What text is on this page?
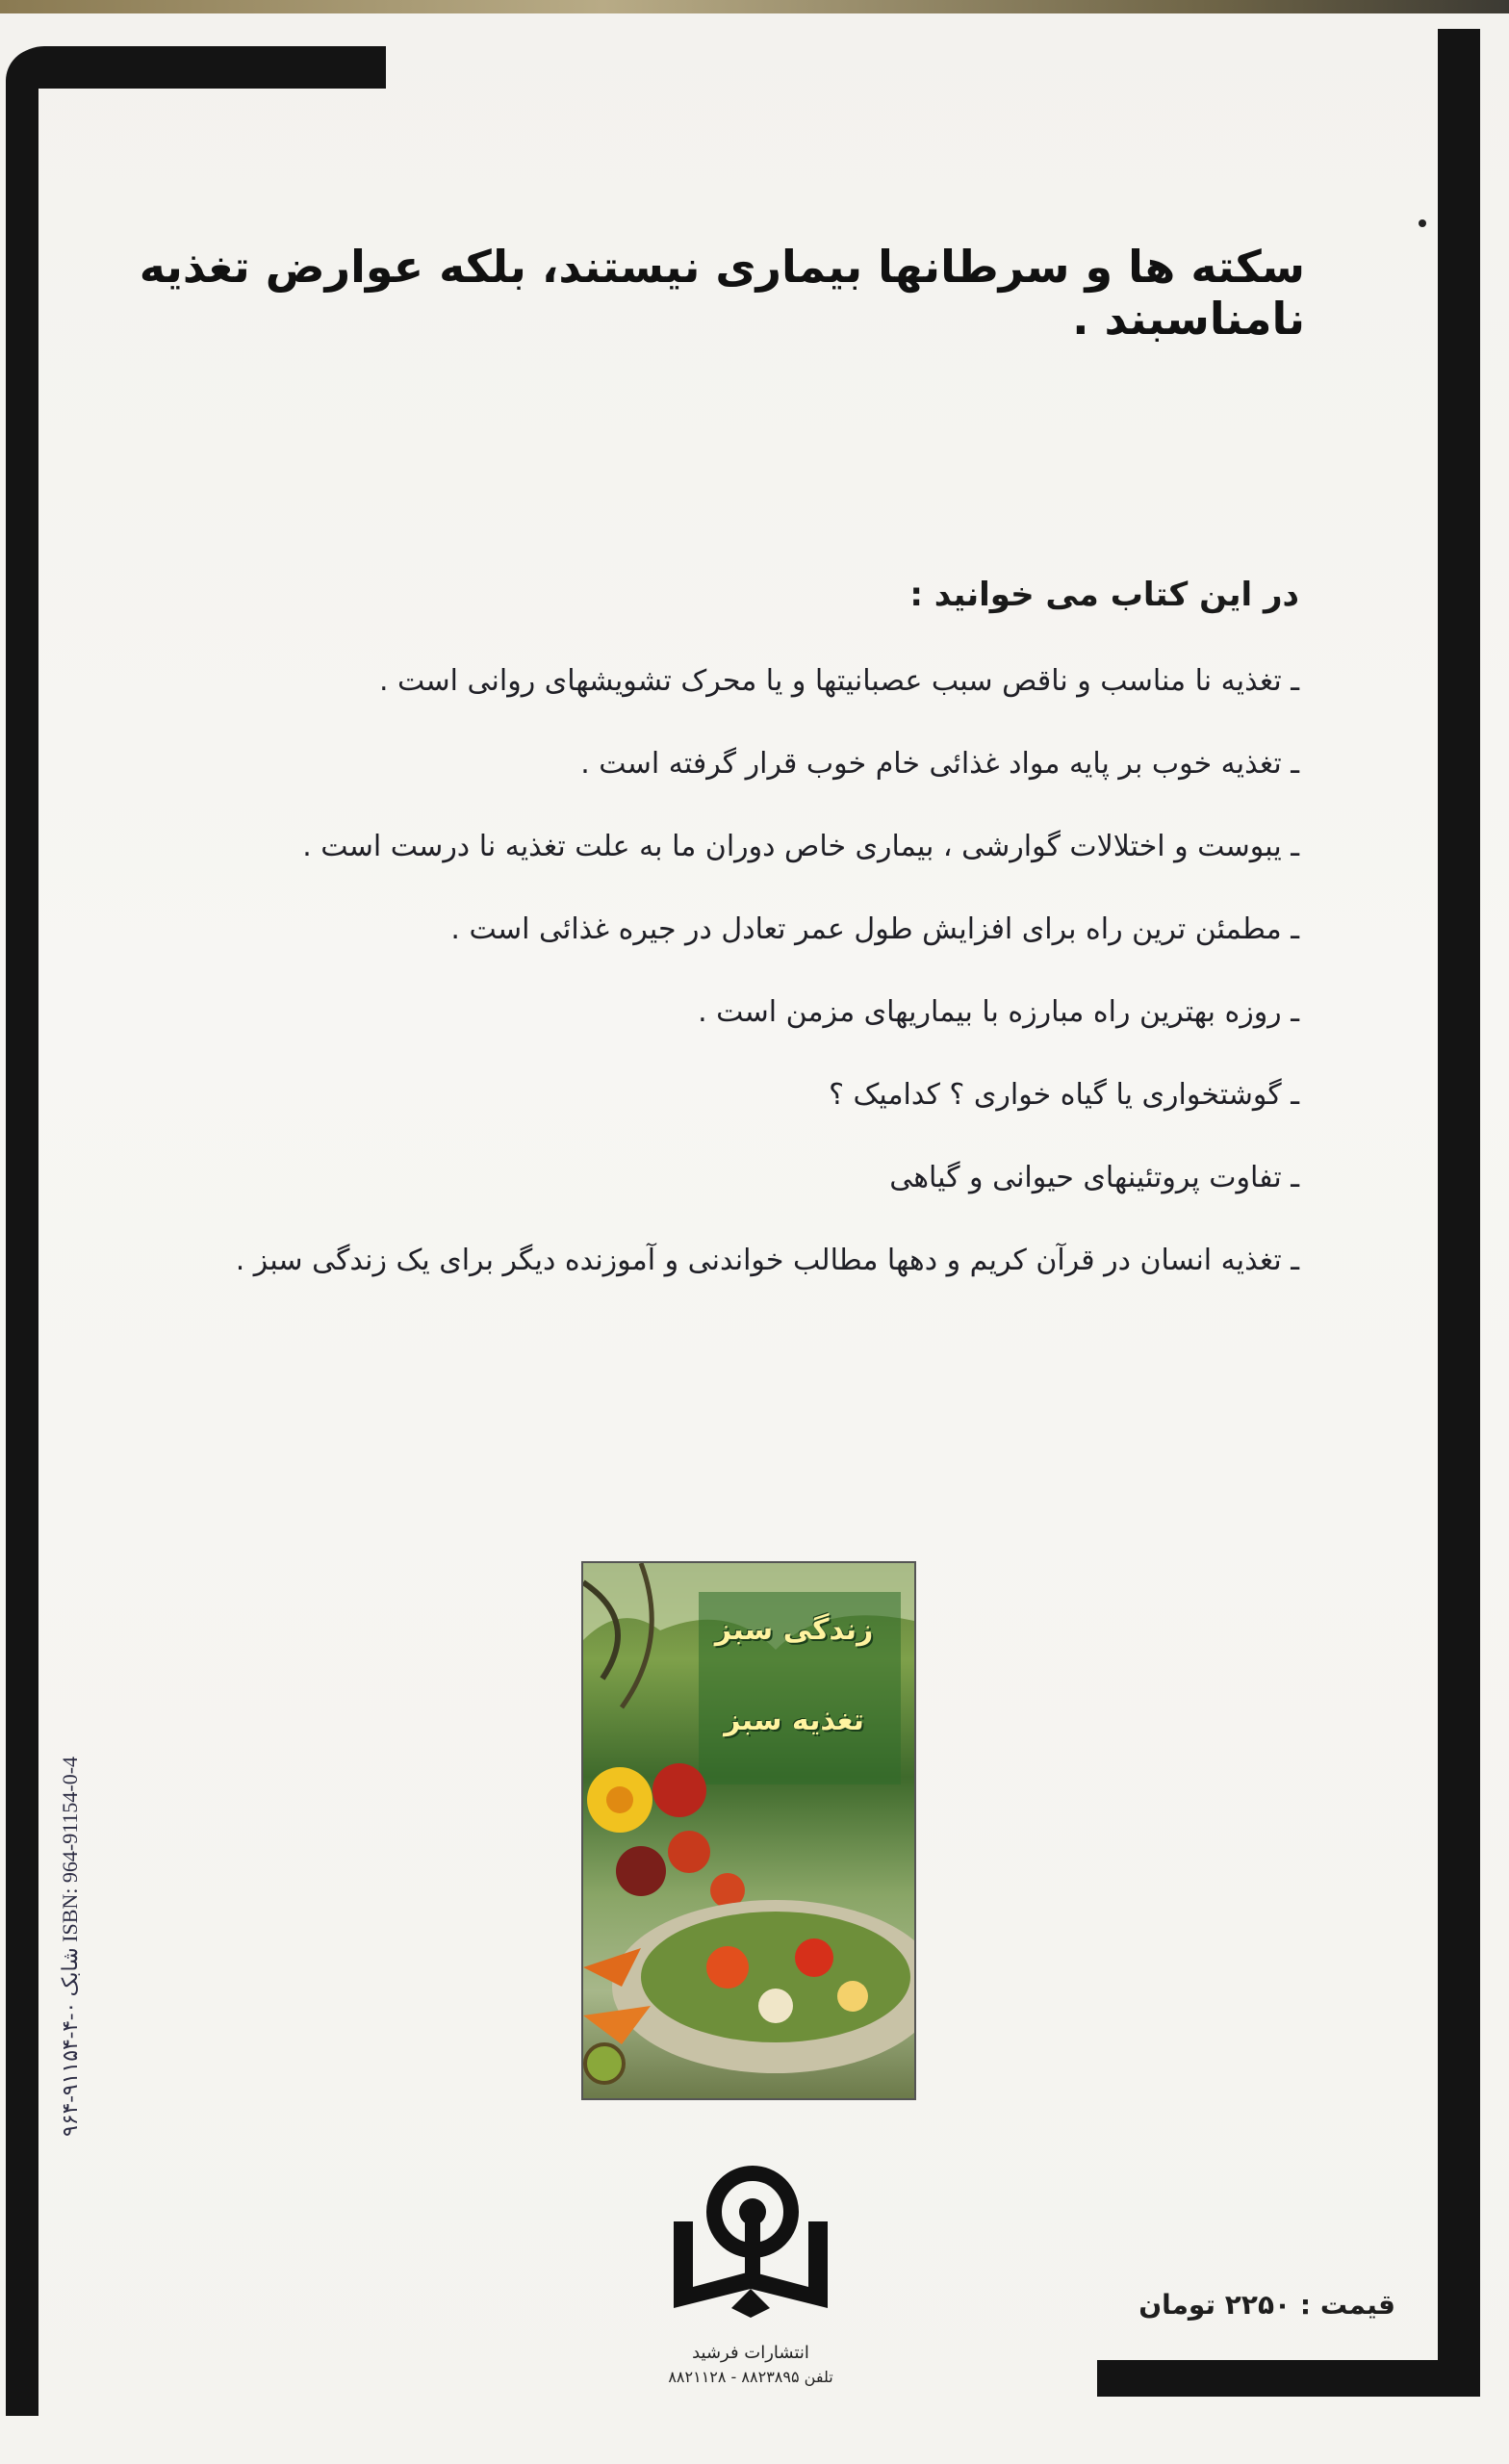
سکته ها و سرطانها بیماری نیستند، بلکه عوارض تغذیه نامناسبند .
در این کتاب می خوانید :
ـ تغذیه نا مناسب و ناقص سبب عصبانیتها و یا محرک تشویشهای روانی است .
ـ تغذیه خوب بر پایه مواد غذائی خام خوب قرار گرفته است .
ـ یبوست و اختلالات گوارشی ، بیماری خاص دوران ما به علت تغذیه نا درست است .
ـ مطمئن ترین راه برای افزایش طول عمر تعادل در جیره غذائی است .
ـ روزه بهترین راه مبارزه با بیماریهای مزمن است .
ـ گوشتخواری یا گیاه خواری ؟ کدامیک ؟
ـ تفاوت پروتئینهای حیوانی و گیاهی
ـ تغذیه انسان در قرآن کریم و دهها مطالب خواندنی و آموزنده دیگر برای یک زندگی سبز .
شابک ۰-۴-۹۱۱۵۴-۹۶۴ ISBN: 964-91154-0-4
زندگی سبز
تغذیه سبز

انتشارات فرشید

تلفن ۸۸۲۳۸۹۵ - ۸۸۲۱۱۲۸

قیمت : ۲۲۵۰ تومان
